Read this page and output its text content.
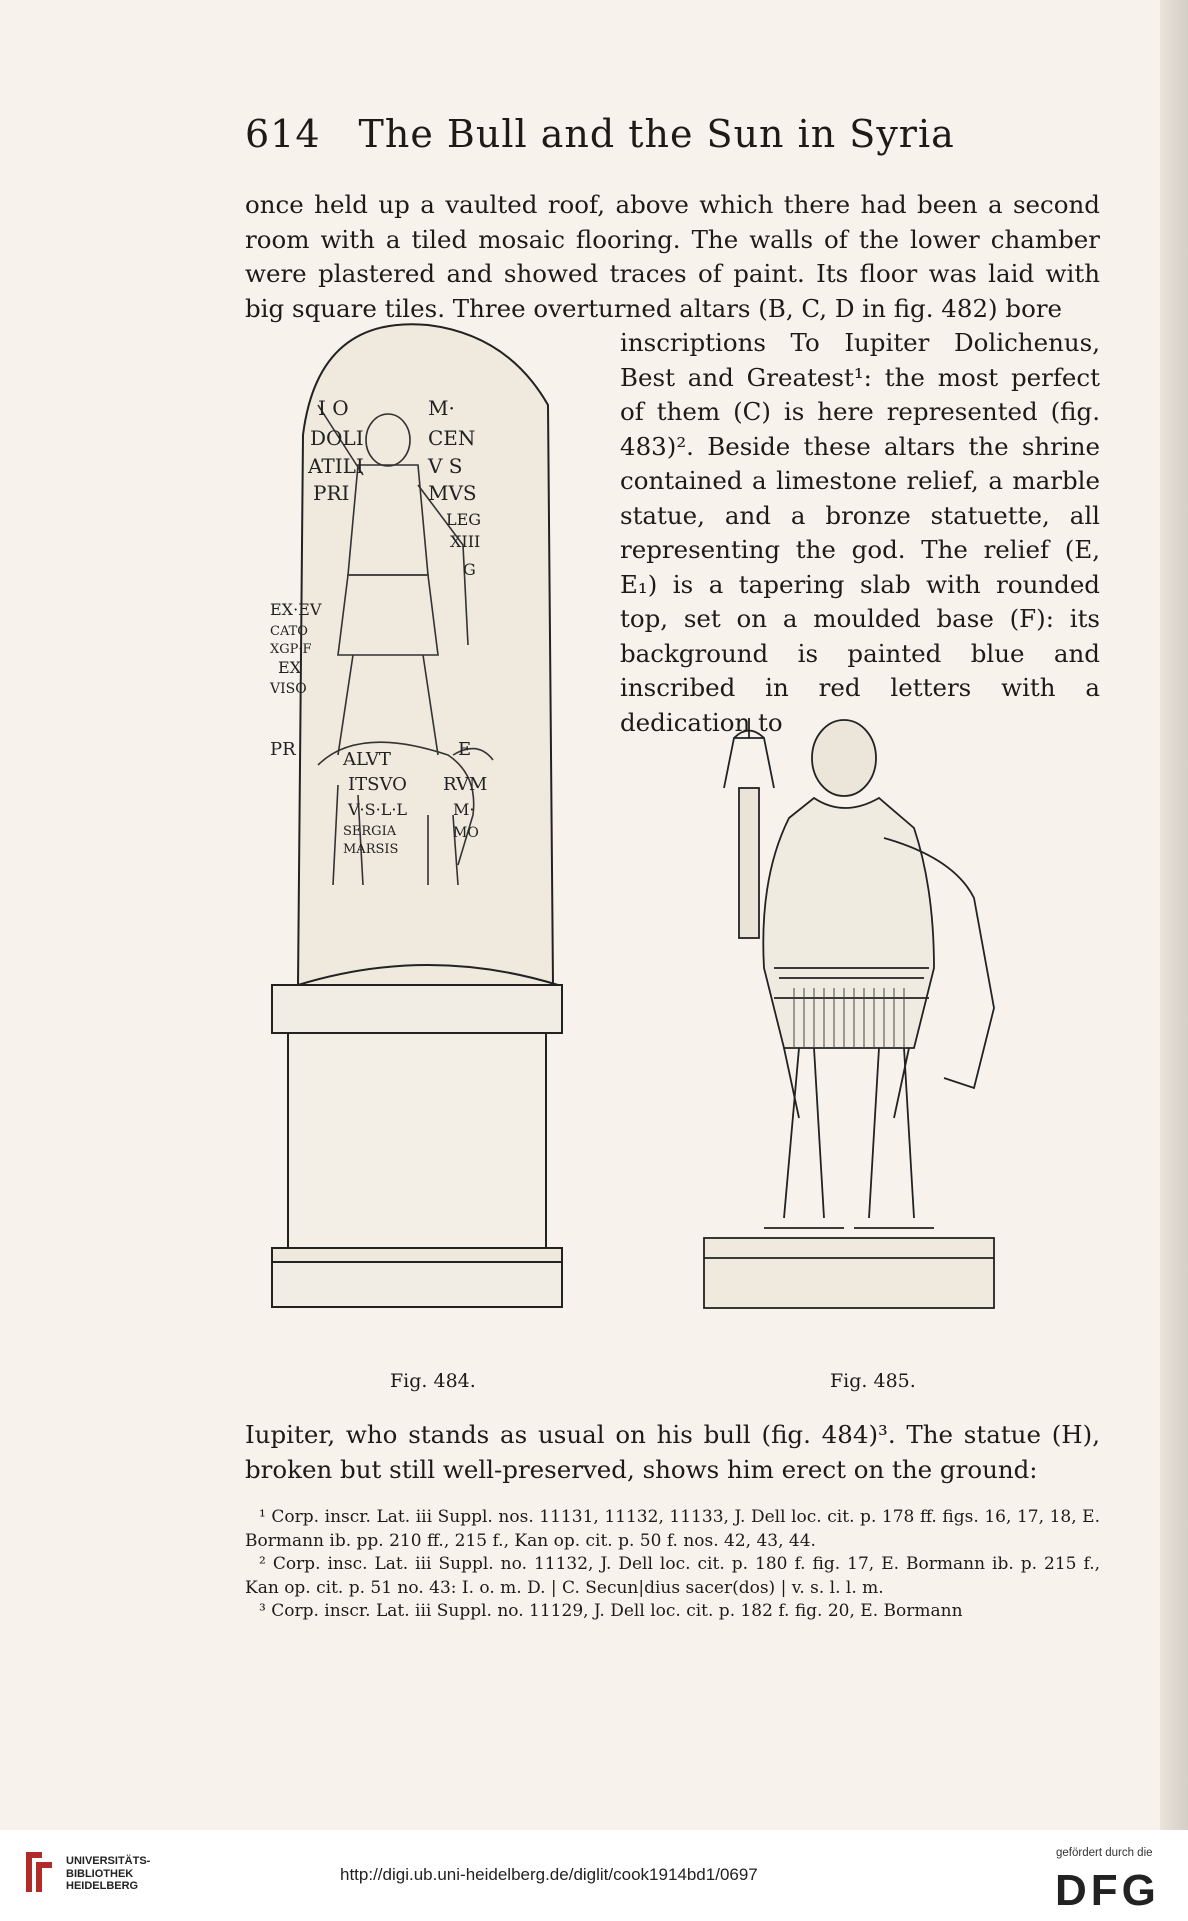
614 The Bull and the Sun in Syria

once held up a vaulted roof, above which there had been a second room with a tiled mosaic flooring. The walls of the lower chamber were plastered and showed traces of paint. Its floor was laid with big square tiles. Three overturned altars (B, C, D in fig. 482) bore

inscriptions To Iupiter Dolichenus, Best and Greatest¹: the most perfect of them (C) is here represented (fig. 483)². Beside these altars the shrine contained a limestone relief, a marble statue, and a bronze statuette, all representing the god. The relief (E, E₁) is a tapering slab with rounded top, set on a moulded base (F): its background is painted blue and inscribed in red letters with a dedication to

I O	M·
DOLI	CEN
ATILI	V S
PRI	MVS
LEG
XIII
G
EX·EV
CATO
XGP·F
EX
VISO
PR	ALVT	E
ITSVO RVM
V·S·L·L	M·
SERGIA
MARSIS
MO
Fig. 484.	Fig. 485.

Iupiter, who stands as usual on his bull (fig. 484)³. The statue (H), broken but still well-preserved, shows him erect on the ground:

¹ Corp. inscr. Lat. iii Suppl. nos. 11131, 11132, 11133, J. Dell loc. cit. p. 178 ff. figs. 16, 17, 18, E. Bormann ib. pp. 210 ff., 215 f., Kan op. cit. p. 50 f. nos. 42, 43, 44.

² Corp. insc. Lat. iii Suppl. no. 11132, J. Dell loc. cit. p. 180 f. fig. 17, E. Bormann ib. p. 215 f., Kan op. cit. p. 51 no. 43: I. o. m. D. | C. Secun|dius sacer(dos) | v. s. l. l. m.

³ Corp. inscr. Lat. iii Suppl. no. 11129, J. Dell loc. cit. p. 182 f. fig. 20, E. Bormann

UNIVERSITÄTS-
BIBLIOTHEK
HEIDELBERG
http://digi.ub.uni-heidelberg.de/diglit/cook1914bd1/0697
gefördert durch die
DFG
